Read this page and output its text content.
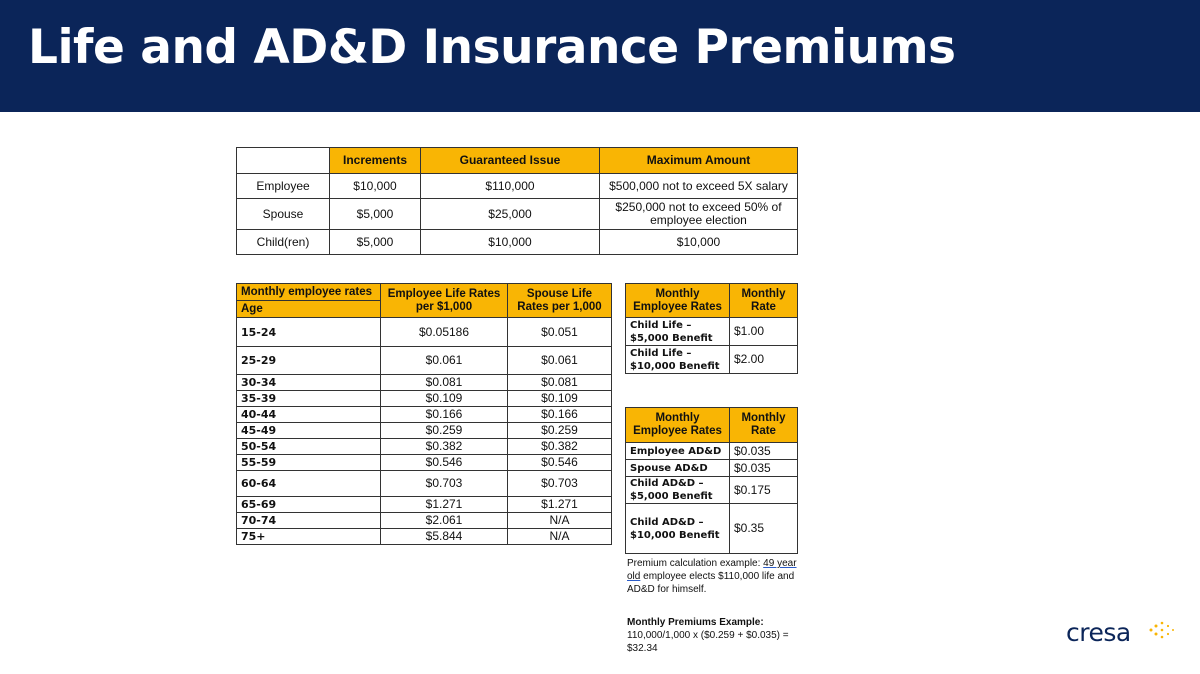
Life and AD&D Insurance Premiums
	Increments	Guaranteed Issue	Maximum Amount
Employee	$10,000	$110,000	$500,000 not to exceed 5X salary
Spouse	$5,000	$25,000	$250,000 not to exceed 50% of employee election
Child(ren)	$5,000	$10,000	$10,000
Monthly employee rates	Employee Life Rates per $1,000	Spouse Life Rates per 1,000
Age		
15-24	$0.05186	$0.051
25-29	$0.061	$0.061
30-34	$0.081	$0.081
35-39	$0.109	$0.109
40-44	$0.166	$0.166
45-49	$0.259	$0.259
50-54	$0.382	$0.382
55-59	$0.546	$0.546
60-64	$0.703	$0.703
65-69	$1.271	$1.271
70-74	$2.061	N/A
75+	$5.844	N/A
Monthly Employee Rates	Monthly Rate
Child Life – $5,000 Benefit	$1.00
Child Life – $10,000 Benefit	$2.00
Monthly Employee Rates	Monthly Rate
Employee AD&D	$0.035
Spouse AD&D	$0.035
Child AD&D – $5,000 Benefit	$0.175
Child AD&D – $10,000 Benefit	$0.35
Premium calculation example: 49 year old employee elects $110,000 life and AD&D for himself.
Monthly Premiums Example:
110,000/1,000 x ($0.259 + $0.035) = $32.34
cresa
